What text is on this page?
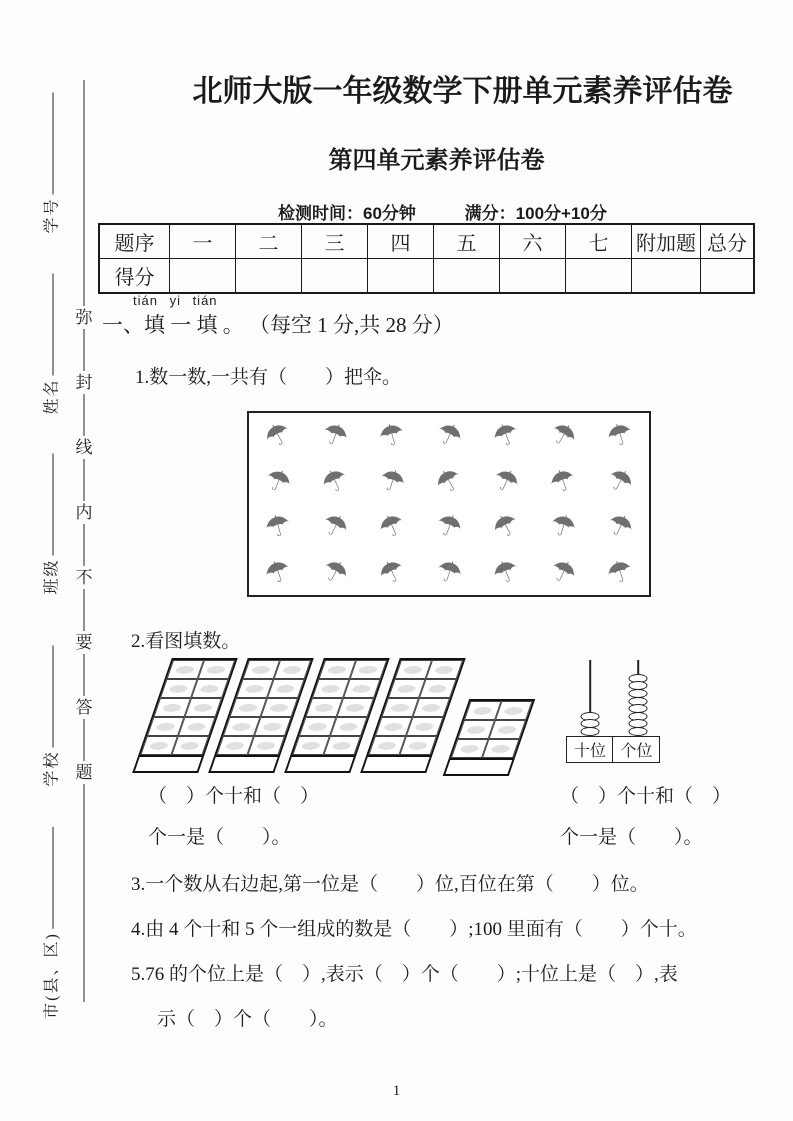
学号
姓名
班级
学校
市(县、区)
弥
封
线
内
不
要
答
题
北师大版一年级数学下册单元素养评估卷
第四单元素养评估卷
检测时间：60分钟	满分：100分+10分
题序	一	二	三	四	五	六	七	附加题	总分
得分									
tián yi tián
一、填 一 填 。 （每空 1 分,共 28 分）
1.数一数,一共有（　　）把伞。
☂ ☂ ☂ ☂ ☂ ☂ ☂
☂ ☂ ☂ ☂ ☂ ☂ ☂
☂ ☂ ☂ ☂ ☂ ☂ ☂
☂ ☂ ☂ ☂ ☂ ☂ ☂
2.看图填数。
十位 个位
（　）个十和（　）
个一是（　　）。
（　）个十和（　）
个一是（　　）。
3.一个数从右边起,第一位是（　　）位,百位在第（　　）位。
4.由 4 个十和 5 个一组成的数是（　　）;100 里面有（　　）个十。
5.76 的个位上是（　）,表示（　）个（　　）;十位上是（　）,表
示（　）个（　　）。
1
